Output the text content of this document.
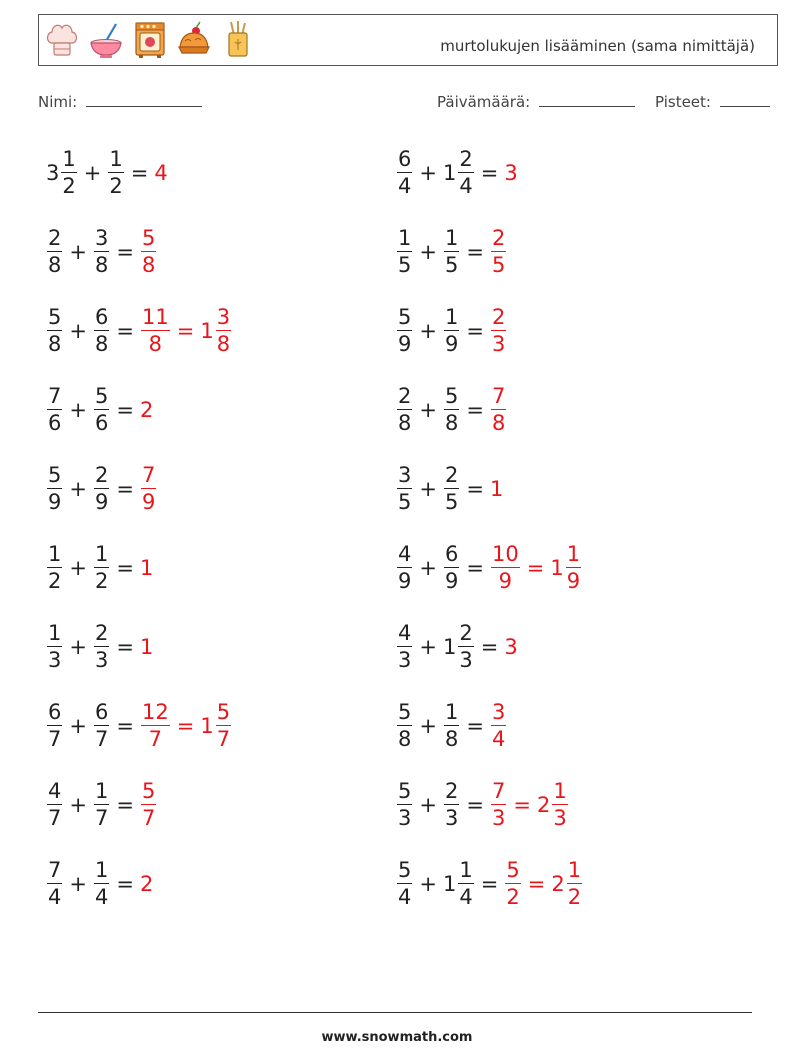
murtolukujen lisääminen (sama nimittäjä)
Nimi:	Päivämäärä:	Pisteet:
$3 \frac{1}{2} + \frac{1}{2} = 4$	$\frac{6}{4} + 1 \frac{2}{4} = 3$
$\frac{2}{8} + \frac{3}{8} = \frac{5}{8}$	$\frac{1}{5} + \frac{1}{5} = \frac{2}{5}$
$\frac{5}{8} + \frac{6}{8} = \frac{11}{8} = 1 \frac{3}{8}$	$\frac{5}{9} + \frac{1}{9} = \frac{2}{3}$
$\frac{7}{6} + \frac{5}{6} = 2$	$\frac{2}{8} + \frac{5}{8} = \frac{7}{8}$
$\frac{5}{9} + \frac{2}{9} = \frac{7}{9}$	$\frac{3}{5} + \frac{2}{5} = 1$
$\frac{1}{2} + \frac{1}{2} = 1$	$\frac{4}{9} + \frac{6}{9} = \frac{10}{9} = 1 \frac{1}{9}$
$\frac{1}{3} + \frac{2}{3} = 1$	$\frac{4}{3} + 1 \frac{2}{3} = 3$
$\frac{6}{7} + \frac{6}{7} = \frac{12}{7} = 1 \frac{5}{7}$	$\frac{5}{8} + \frac{1}{8} = \frac{3}{4}$
$\frac{4}{7} + \frac{1}{7} = \frac{5}{7}$	$\frac{5}{3} + \frac{2}{3} = \frac{7}{3} = 2 \frac{1}{3}$
$\frac{7}{4} + \frac{1}{4} = 2$	$\frac{5}{4} + 1 \frac{1}{4} = \frac{5}{2} = 2 \frac{1}{2}$
www.snowmath.com
